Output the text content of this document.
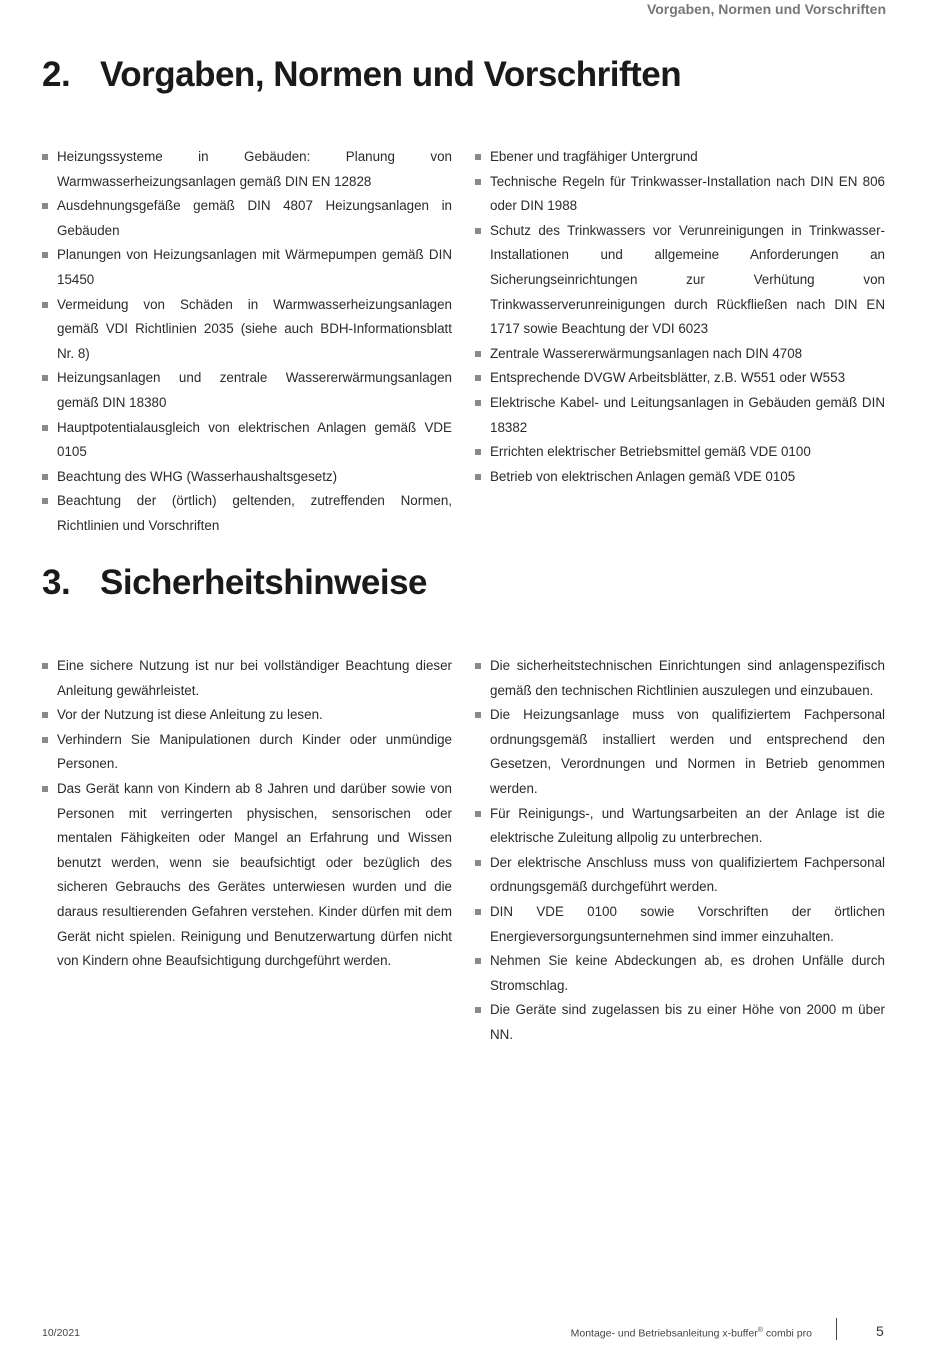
Vorgaben, Normen und Vorschriften
2. Vorgaben, Normen und Vorschriften
Heizungssysteme in Gebäuden: Planung von Warmwasserheizungsanlagen gemäß DIN EN 12828
Ausdehnungsgefäße gemäß DIN 4807 Heizungsanlagen in Gebäuden
Planungen von Heizungsanlagen mit Wärmepumpen gemäß DIN 15450
Vermeidung von Schäden in Warmwasserheizungsanlagen gemäß VDI Richtlinien 2035 (siehe auch BDH-Informationsblatt Nr. 8)
Heizungsanlagen und zentrale Wassererwärmungsanlagen gemäß DIN 18380
Hauptpotentialausgleich von elektrischen Anlagen gemäß VDE 0105
Beachtung des WHG (Wasserhaushaltsgesetz)
Beachtung der (örtlich) geltenden, zutreffenden Normen, Richtlinien und Vorschriften
Ebener und tragfähiger Untergrund
Technische Regeln für Trinkwasser-Installation nach DIN EN 806 oder DIN 1988
Schutz des Trinkwassers vor Verunreinigungen in Trinkwasser-Installationen und allgemeine Anforderungen an Sicherungseinrichtungen zur Verhütung von Trinkwasserverunreinigungen durch Rückfließen nach DIN EN 1717 sowie Beachtung der VDI 6023
Zentrale Wassererwärmungsanlagen nach DIN 4708
Entsprechende DVGW Arbeitsblätter, z.B. W551 oder W553
Elektrische Kabel- und Leitungsanlagen in Gebäuden gemäß DIN 18382
Errichten elektrischer Betriebsmittel gemäß VDE 0100
Betrieb von elektrischen Anlagen gemäß VDE 0105
3. Sicherheitshinweise
Eine sichere Nutzung ist nur bei vollständiger Beachtung dieser Anleitung gewährleistet.
Vor der Nutzung ist diese Anleitung zu lesen.
Verhindern Sie Manipulationen durch Kinder oder unmündige Personen.
Das Gerät kann von Kindern ab 8 Jahren und darüber sowie von Personen mit verringerten physischen, sensorischen oder mentalen Fähigkeiten oder Mangel an Erfahrung und Wissen benutzt werden, wenn sie beaufsichtigt oder bezüglich des sicheren Gebrauchs des Gerätes unterwiesen wurden und die daraus resultierenden Gefahren verstehen. Kinder dürfen mit dem Gerät nicht spielen. Reinigung und Benutzerwartung dürfen nicht von Kindern ohne Beaufsichtigung durchgeführt werden.
Die sicherheitstechnischen Einrichtungen sind anlagenspezifisch gemäß den technischen Richtlinien auszulegen und einzubauen.
Die Heizungsanlage muss von qualifiziertem Fachpersonal ordnungsgemäß installiert werden und entsprechend den Gesetzen, Verordnungen und Normen in Betrieb genommen werden.
Für Reinigungs-, und Wartungsarbeiten an der Anlage ist die elektrische Zuleitung allpolig zu unterbrechen.
Der elektrische Anschluss muss von qualifiziertem Fachpersonal ordnungsgemäß durchgeführt werden.
DIN VDE 0100 sowie Vorschriften der örtlichen Energieversorgungsunternehmen sind immer einzuhalten.
Nehmen Sie keine Abdeckungen ab, es drohen Unfälle durch Stromschlag.
Die Geräte sind zugelassen bis zu einer Höhe von 2000 m über NN.
10/2021	Montage- und Betriebsanleitung x-buffer® combi pro	5
